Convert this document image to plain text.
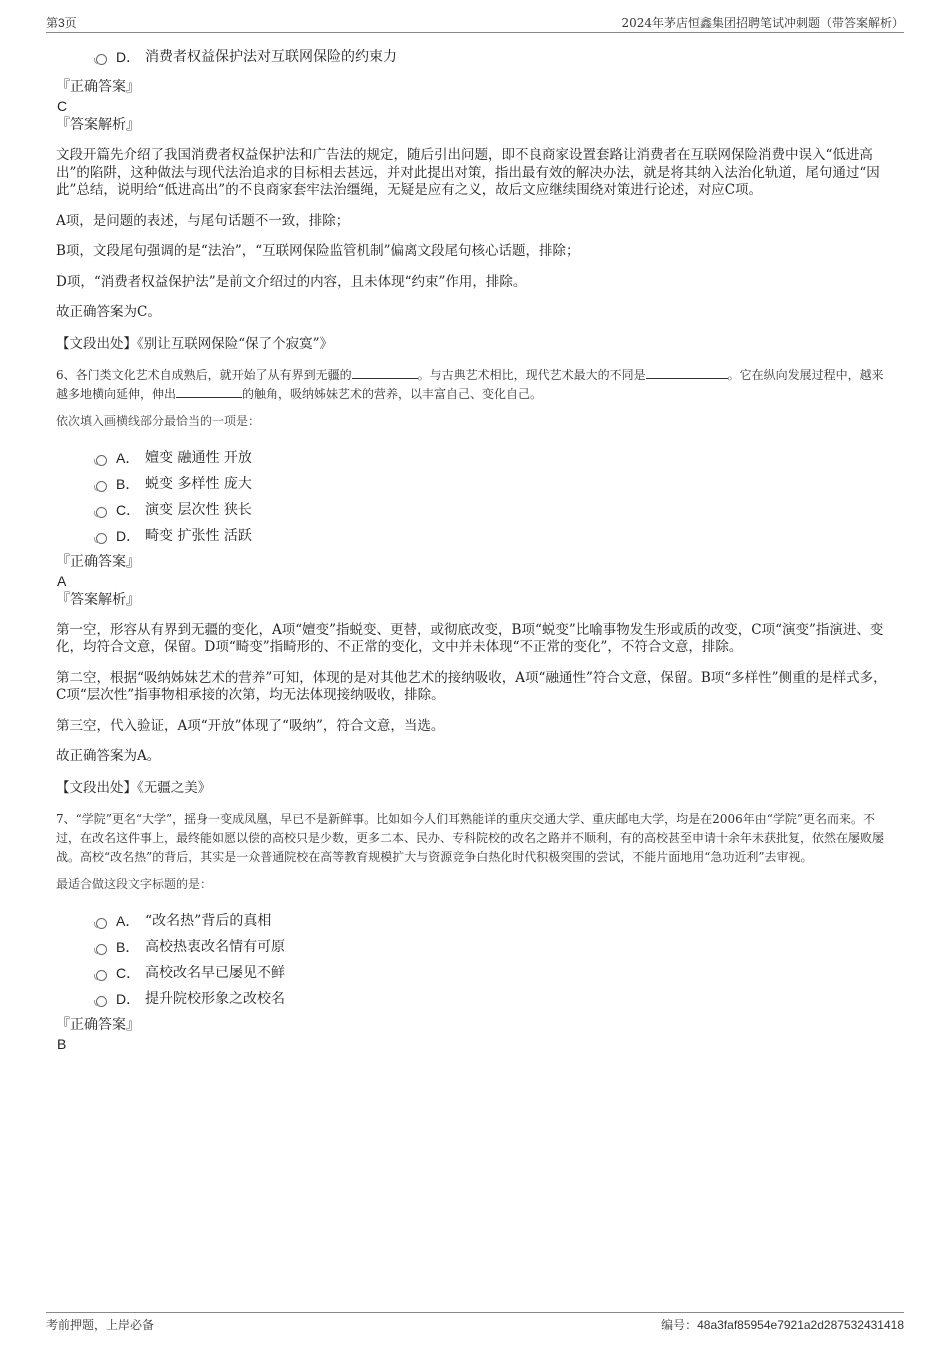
第3页	2024年茅店恒鑫集团招聘笔试冲刺题（带答案解析）
D． 消费者权益保护法对互联网保险的约束力
『正确答案』
C
『答案解析』

文段开篇先介绍了我国消费者权益保护法和广告法的规定，随后引出问题，即不良商家设置套路让消费者在互联网保险消费中误入“低进高出”的陷阱，这种做法与现代法治追求的目标相去甚远，并对此提出对策，指出最有效的解决办法，就是将其纳入法治化轨道，尾句通过“因此”总结，说明给“低进高出”的不良商家套牢法治缰绳，无疑是应有之义，故后文应继续围绕对策进行论述，对应C项。

A项，是问题的表述，与尾句话题不一致，排除；

B项，文段尾句强调的是“法治”，“互联网保险监管机制”偏离文段尾句核心话题，排除；

D项，“消费者权益保护法”是前文介绍过的内容，且未体现“约束”作用，排除。

故正确答案为C。

【文段出处】《别让互联网保险“保了个寂寞”》

6、各门类文化艺术自成熟后，就开始了从有界到无疆的	。与古典艺术相比，现代艺术最大的不同是	。它在纵向发展过程中，越来越多地横向延伸，伸出	的触角，吸纳姊妹艺术的营养，以丰富自己、变化自己。

依次填入画横线部分最恰当的一项是：
A． 嬗变 融通性 开放
B． 蜕变 多样性 庞大
C． 演变 层次性 狭长
D． 畸变 扩张性 活跃
『正确答案』
A
『答案解析』

第一空，形容从有界到无疆的变化，A项“嬗变”指蜕变、更替，或彻底改变，B项“蜕变”比喻事物发生形或质的改变，C项“演变”指演进、变化，均符合文意，保留。D项“畸变”指畸形的、不正常的变化，文中并未体现“不正常的变化”，不符合文意，排除。

第二空，根据“吸纳姊妹艺术的营养”可知，体现的是对其他艺术的接纳吸收，A项“融通性”符合文意，保留。B项“多样性”侧重的是样式多，C项“层次性”指事物相承接的次第，均无法体现接纳吸收，排除。

第三空，代入验证，A项“开放”体现了“吸纳”，符合文意，当选。

故正确答案为A。

【文段出处】《无疆之美》

7、“学院”更名“大学”，摇身一变成凤凰，早已不是新鲜事。比如如今人们耳熟能详的重庆交通大学、重庆邮电大学，均是在2006年由“学院”更名而来。不过，在改名这件事上，最终能如愿以偿的高校只是少数，更多二本、民办、专科院校的改名之路并不顺利，有的高校甚至申请十余年未获批复，依然在屡败屡战。高校“改名热”的背后，其实是一众普通院校在高等教育规模扩大与资源竞争白热化时代积极突围的尝试，不能片面地用“急功近利”去审视。

最适合做这段文字标题的是：
A． “改名热”背后的真相
B． 高校热衷改名情有可原
C． 高校改名早已屡见不鲜
D． 提升院校形象之改校名
『正确答案』
B
考前押题，上岸必备	编号：48a3faf85954e7921a2d287532431418
